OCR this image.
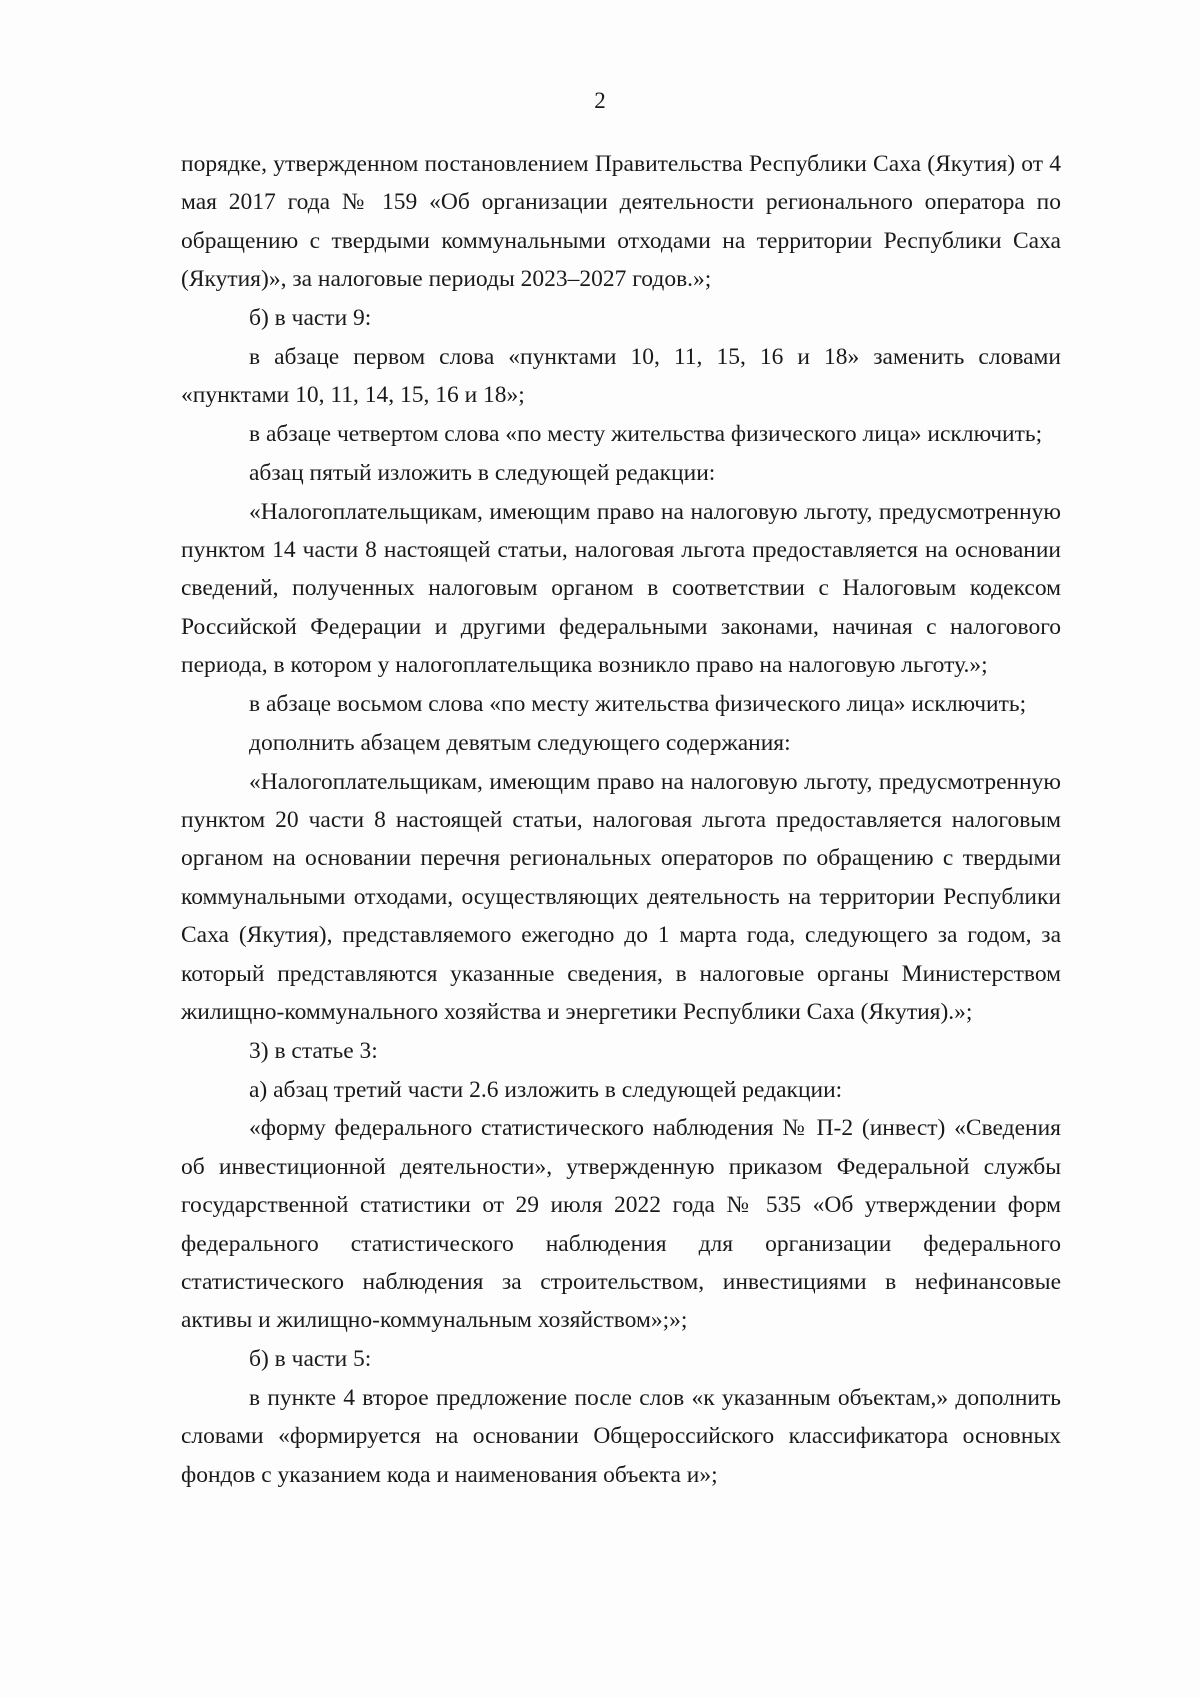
2

порядке, утвержденном постановлением Правительства Республики Саха (Якутия) от 4 мая 2017 года № 159 «Об организации деятельности регионального оператора по обращению с твердыми коммунальными отходами на территории Республики Саха (Якутия)», за налоговые периоды 2023–2027 годов.»;

б) в части 9:

в абзаце первом слова «пунктами 10, 11, 15, 16 и 18» заменить словами «пунктами 10, 11, 14, 15, 16 и 18»;

в абзаце четвертом слова «по месту жительства физического лица» исключить;

абзац пятый изложить в следующей редакции:

«Налогоплательщикам, имеющим право на налоговую льготу, предусмотренную пунктом 14 части 8 настоящей статьи, налоговая льгота предоставляется на основании сведений, полученных налоговым органом в соответствии с Налоговым кодексом Российской Федерации и другими федеральными законами, начиная с налогового периода, в котором у налогоплательщика возникло право на налоговую льготу.»;

в абзаце восьмом слова «по месту жительства физического лица» исключить;

дополнить абзацем девятым следующего содержания:

«Налогоплательщикам, имеющим право на налоговую льготу, предусмотренную пунктом 20 части 8 настоящей статьи, налоговая льгота предоставляется налоговым органом на основании перечня региональных операторов по обращению с твердыми коммунальными отходами, осуществляющих деятельность на территории Республики Саха (Якутия), представляемого ежегодно до 1 марта года, следующего за годом, за который представляются указанные сведения, в налоговые органы Министерством жилищно-коммунального хозяйства и энергетики Республики Саха (Якутия).»;

3) в статье 3:

а) абзац третий части 2.6 изложить в следующей редакции:

«форму федерального статистического наблюдения № П-2 (инвест) «Сведения об инвестиционной деятельности», утвержденную приказом Федеральной службы государственной статистики от 29 июля 2022 года № 535 «Об утверждении форм федерального статистического наблюдения для организации федерального статистического наблюдения за строительством, инвестициями в нефинансовые активы и жилищно-коммунальным хозяйством»;»;

б) в части 5:

в пункте 4 второе предложение после слов «к указанным объектам,» дополнить словами «формируется на основании Общероссийского классификатора основных фондов с указанием кода и наименования объекта и»;
